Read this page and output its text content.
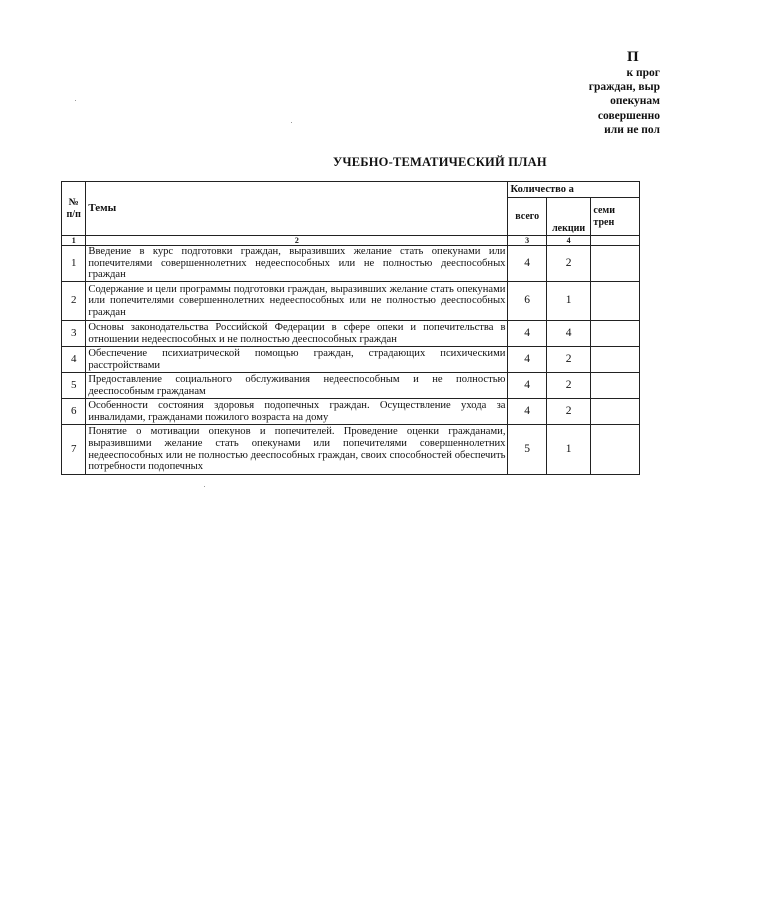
П
к прог
граждан, выр
опекунам
совершенно
или не пол
УЧЕБНО-ТЕМАТИЧЕСКИЙ ПЛАН
№ п/п	Темы	Количество а		
		всего	лекции	семи трен
1	2	3	4	
1	Введение в курс подготовки граждан, выразивших желание стать опекунами или попечителями совершеннолетних недееспособных или не полностью дееспособных граждан	4	2	
2	Содержание и цели программы подготовки граждан, выразивших желание стать опекунами или попечителями совершеннолетних недееспособных или не полностью дееспособных граждан	6	1	
3	Основы законодательства Российской Федерации в сфере опеки и попечительства в отношении недееспособных и не полностью дееспособных граждан	4	4	
4	Обеспечение психиатрической помощью граждан, страдающих психическими расстройствами	4	2	
5	Предоставление социального обслуживания недееспособным и не полностью дееспособным гражданам	4	2	
6	Особенности состояния здоровья подопечных граждан. Осуществление ухода за инвалидами, гражданами пожилого возраста на дому	4	2	
7	Понятие о мотивации опекунов и попечителей. Проведение оценки гражданами, выразившими желание стать опекунами или попечителями совершеннолетних недееспособных или не полностью дееспособных граждан, своих способностей обеспечить потребности подопечных	5	1	
